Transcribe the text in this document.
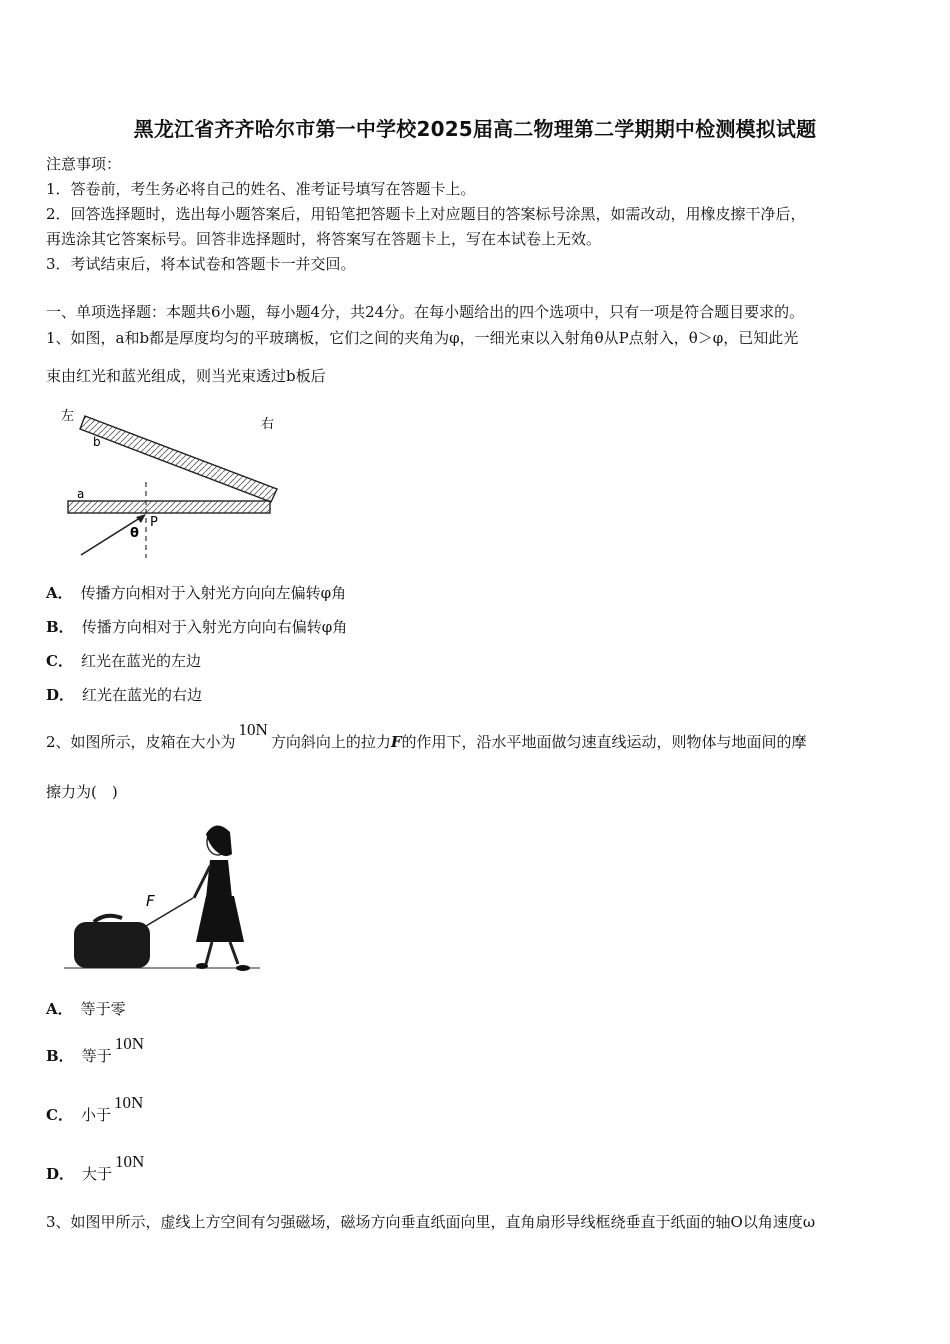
黑龙江省齐齐哈尔市第一中学校2025届高二物理第二学期期中检测模拟试题
注意事项：
1．答卷前，考生务必将自己的姓名、准考证号填写在答题卡上。
2．回答选择题时，选出每小题答案后，用铅笔把答题卡上对应题目的答案标号涂黑，如需改动，用橡皮擦干净后，
再选涂其它答案标号。回答非选择题时，将答案写在答题卡上，写在本试卷上无效。
3．考试结束后，将本试卷和答题卡一并交回。
一、单项选择题：本题共6小题，每小题4分，共24分。在每小题给出的四个选项中，只有一项是符合题目要求的。
1、如图，a和b都是厚度均匀的平玻璃板，它们之间的夹角为φ，一细光束以入射角θ从P点射入，θ＞φ，已知此光
束由红光和蓝光组成，则当光束透过b板后
左
右
b
a
P
θ
A． 传播方向相对于入射光方向向左偏转φ角
B． 传播方向相对于入射光方向向右偏转φ角
C． 红光在蓝光的左边
D． 红光在蓝光的右边
2、如图所示，皮箱在大小为10N方向斜向上的拉力F的作用下，沿水平地面做匀速直线运动，则物体与地面间的摩
擦力为(　)
F
A． 等于零
B． 等于10N
C． 小于10N
D． 大于10N
3、如图甲所示，虚线上方空间有匀强磁场，磁场方向垂直纸面向里，直角扇形导线框绕垂直于纸面的轴O以角速度ω
